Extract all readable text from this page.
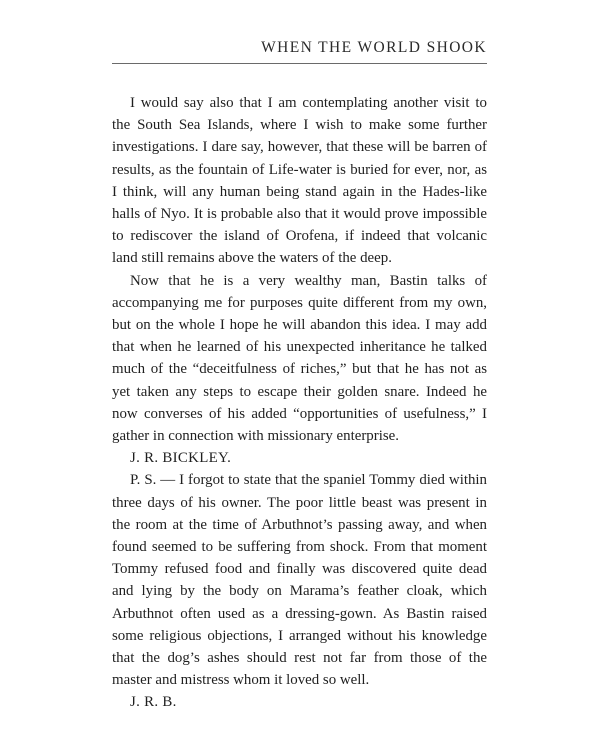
WHEN THE WORLD SHOOK

I would say also that I am contemplating another visit to the South Sea Islands, where I wish to make some further investigations. I dare say, however, that these will be barren of results, as the fountain of Life-water is buried for ever, nor, as I think, will any human being stand again in the Hades-like halls of Nyo. It is probable also that it would prove impossible to rediscover the island of Orofena, if indeed that volcanic land still remains above the waters of the deep.

Now that he is a very wealthy man, Bastin talks of accompanying me for purposes quite different from my own, but on the whole I hope he will abandon this idea. I may add that when he learned of his unexpected inheritance he talked much of the “deceitfulness of riches,” but that he has not as yet taken any steps to escape their golden snare. Indeed he now converses of his added “opportunities of usefulness,” I gather in connection with missionary enterprise.

J. R. BICKLEY.

P. S. — I forgot to state that the spaniel Tommy died within three days of his owner. The poor little beast was present in the room at the time of Arbuthnot’s passing away, and when found seemed to be suffering from shock. From that moment Tommy refused food and finally was discovered quite dead and lying by the body on Marama’s feather cloak, which Arbuthnot often used as a dressing-gown. As Bastin raised some religious objections, I arranged without his knowledge that the dog’s ashes should rest not far from those of the master and mistress whom it loved so well.

J. R. B.
